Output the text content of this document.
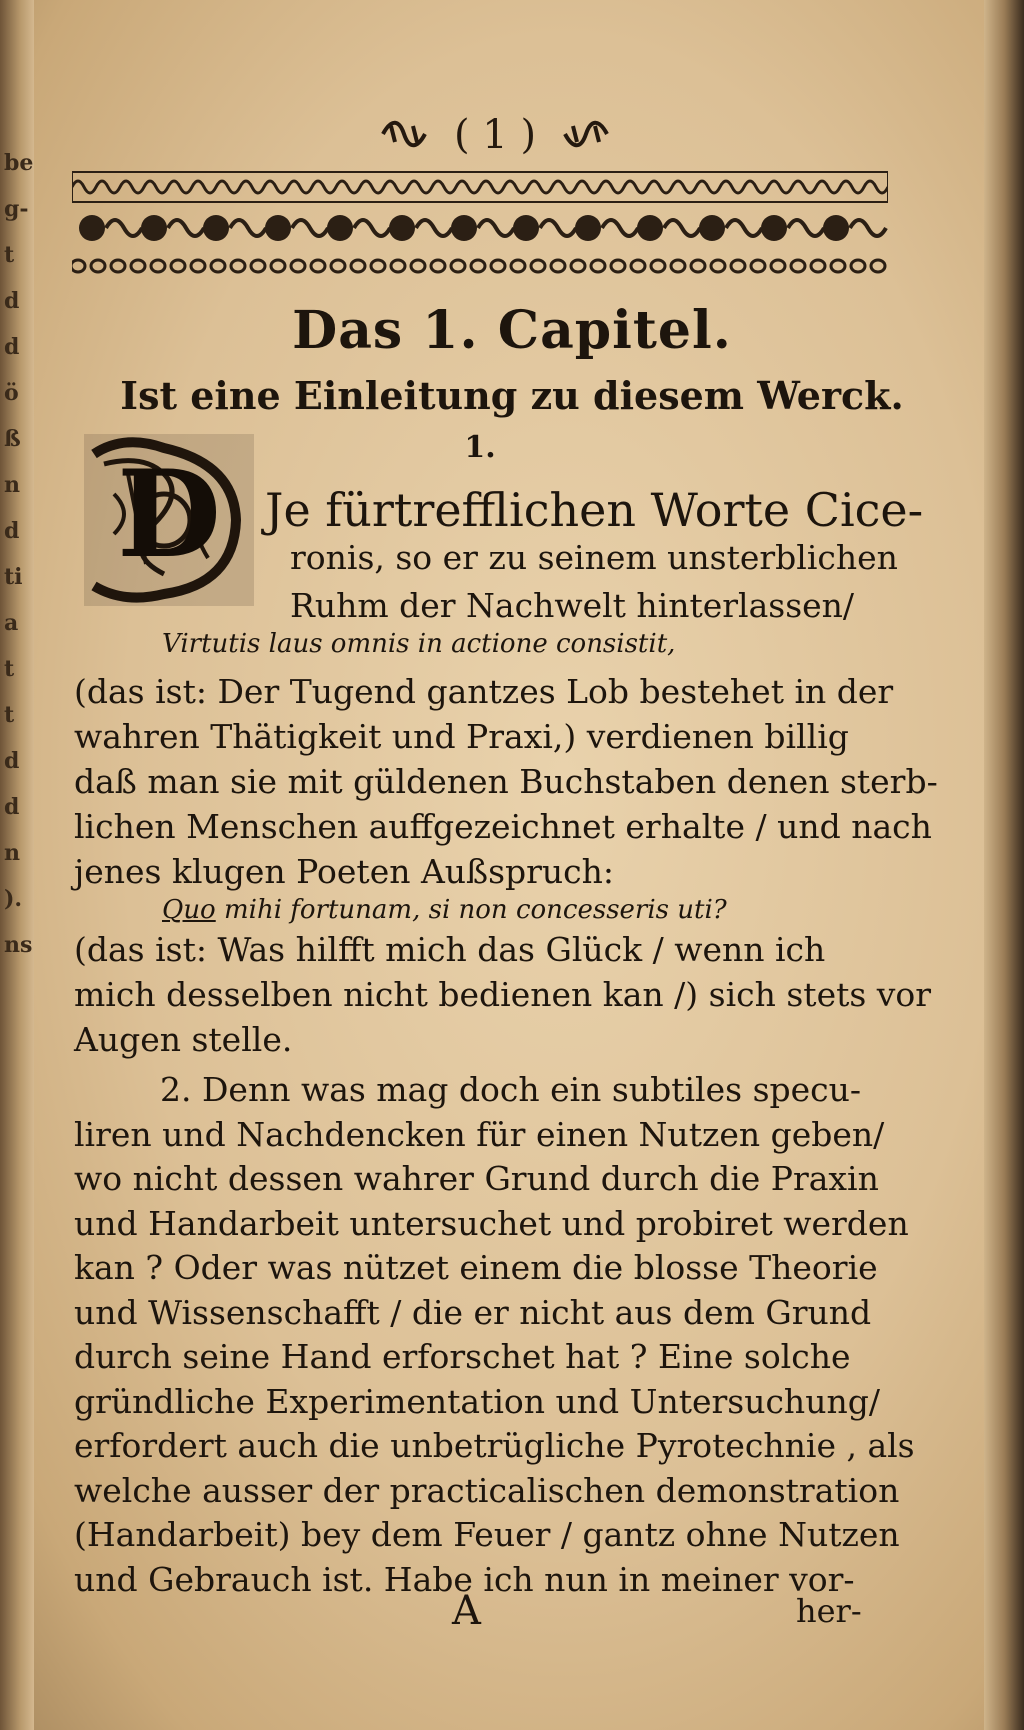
be
g-
t
d
d
ö
ß
n
d
ti
a
t
t
d
d
n
).
ns
( 1 )
Das 1. Capitel.
Ist eine Einleitung zu diesem Werck.
1.
D Je fürtrefflichen Worte Cice-
ronis, so er zu seinem unsterblichen
Ruhm der Nachwelt hinterlassen/
Virtutis laus omnis in actione consistit,
(das ist: Der Tugend gantzes Lob bestehet in der
wahren Thätigkeit und Praxi,) verdienen billig
daß man sie mit güldenen Buchstaben denen sterb-
lichen Menschen auffgezeichnet erhalte / und nach
jenes klugen Poeten Außspruch:
Quo mihi fortunam, si non concesseris uti?
(das ist: Was hilfft mich das Glück / wenn ich
mich desselben nicht bedienen kan /) sich stets vor
Augen stelle.
2. Denn was mag doch ein subtiles specu-
liren und Nachdencken für einen Nutzen geben/
wo nicht dessen wahrer Grund durch die Praxin
und Handarbeit untersuchet und probiret werden
kan ? Oder was nützet einem die blosse Theorie
und Wissenschafft / die er nicht aus dem Grund
durch seine Hand erforschet hat ? Eine solche
gründliche Experimentation und Untersuchung/
erfordert auch die unbetrügliche Pyrotechnie , als
welche ausser der practicalischen demonstration
(Handarbeit) bey dem Feuer / gantz ohne Nutzen
und Gebrauch ist. Habe ich nun in meiner vor-
A	her-
